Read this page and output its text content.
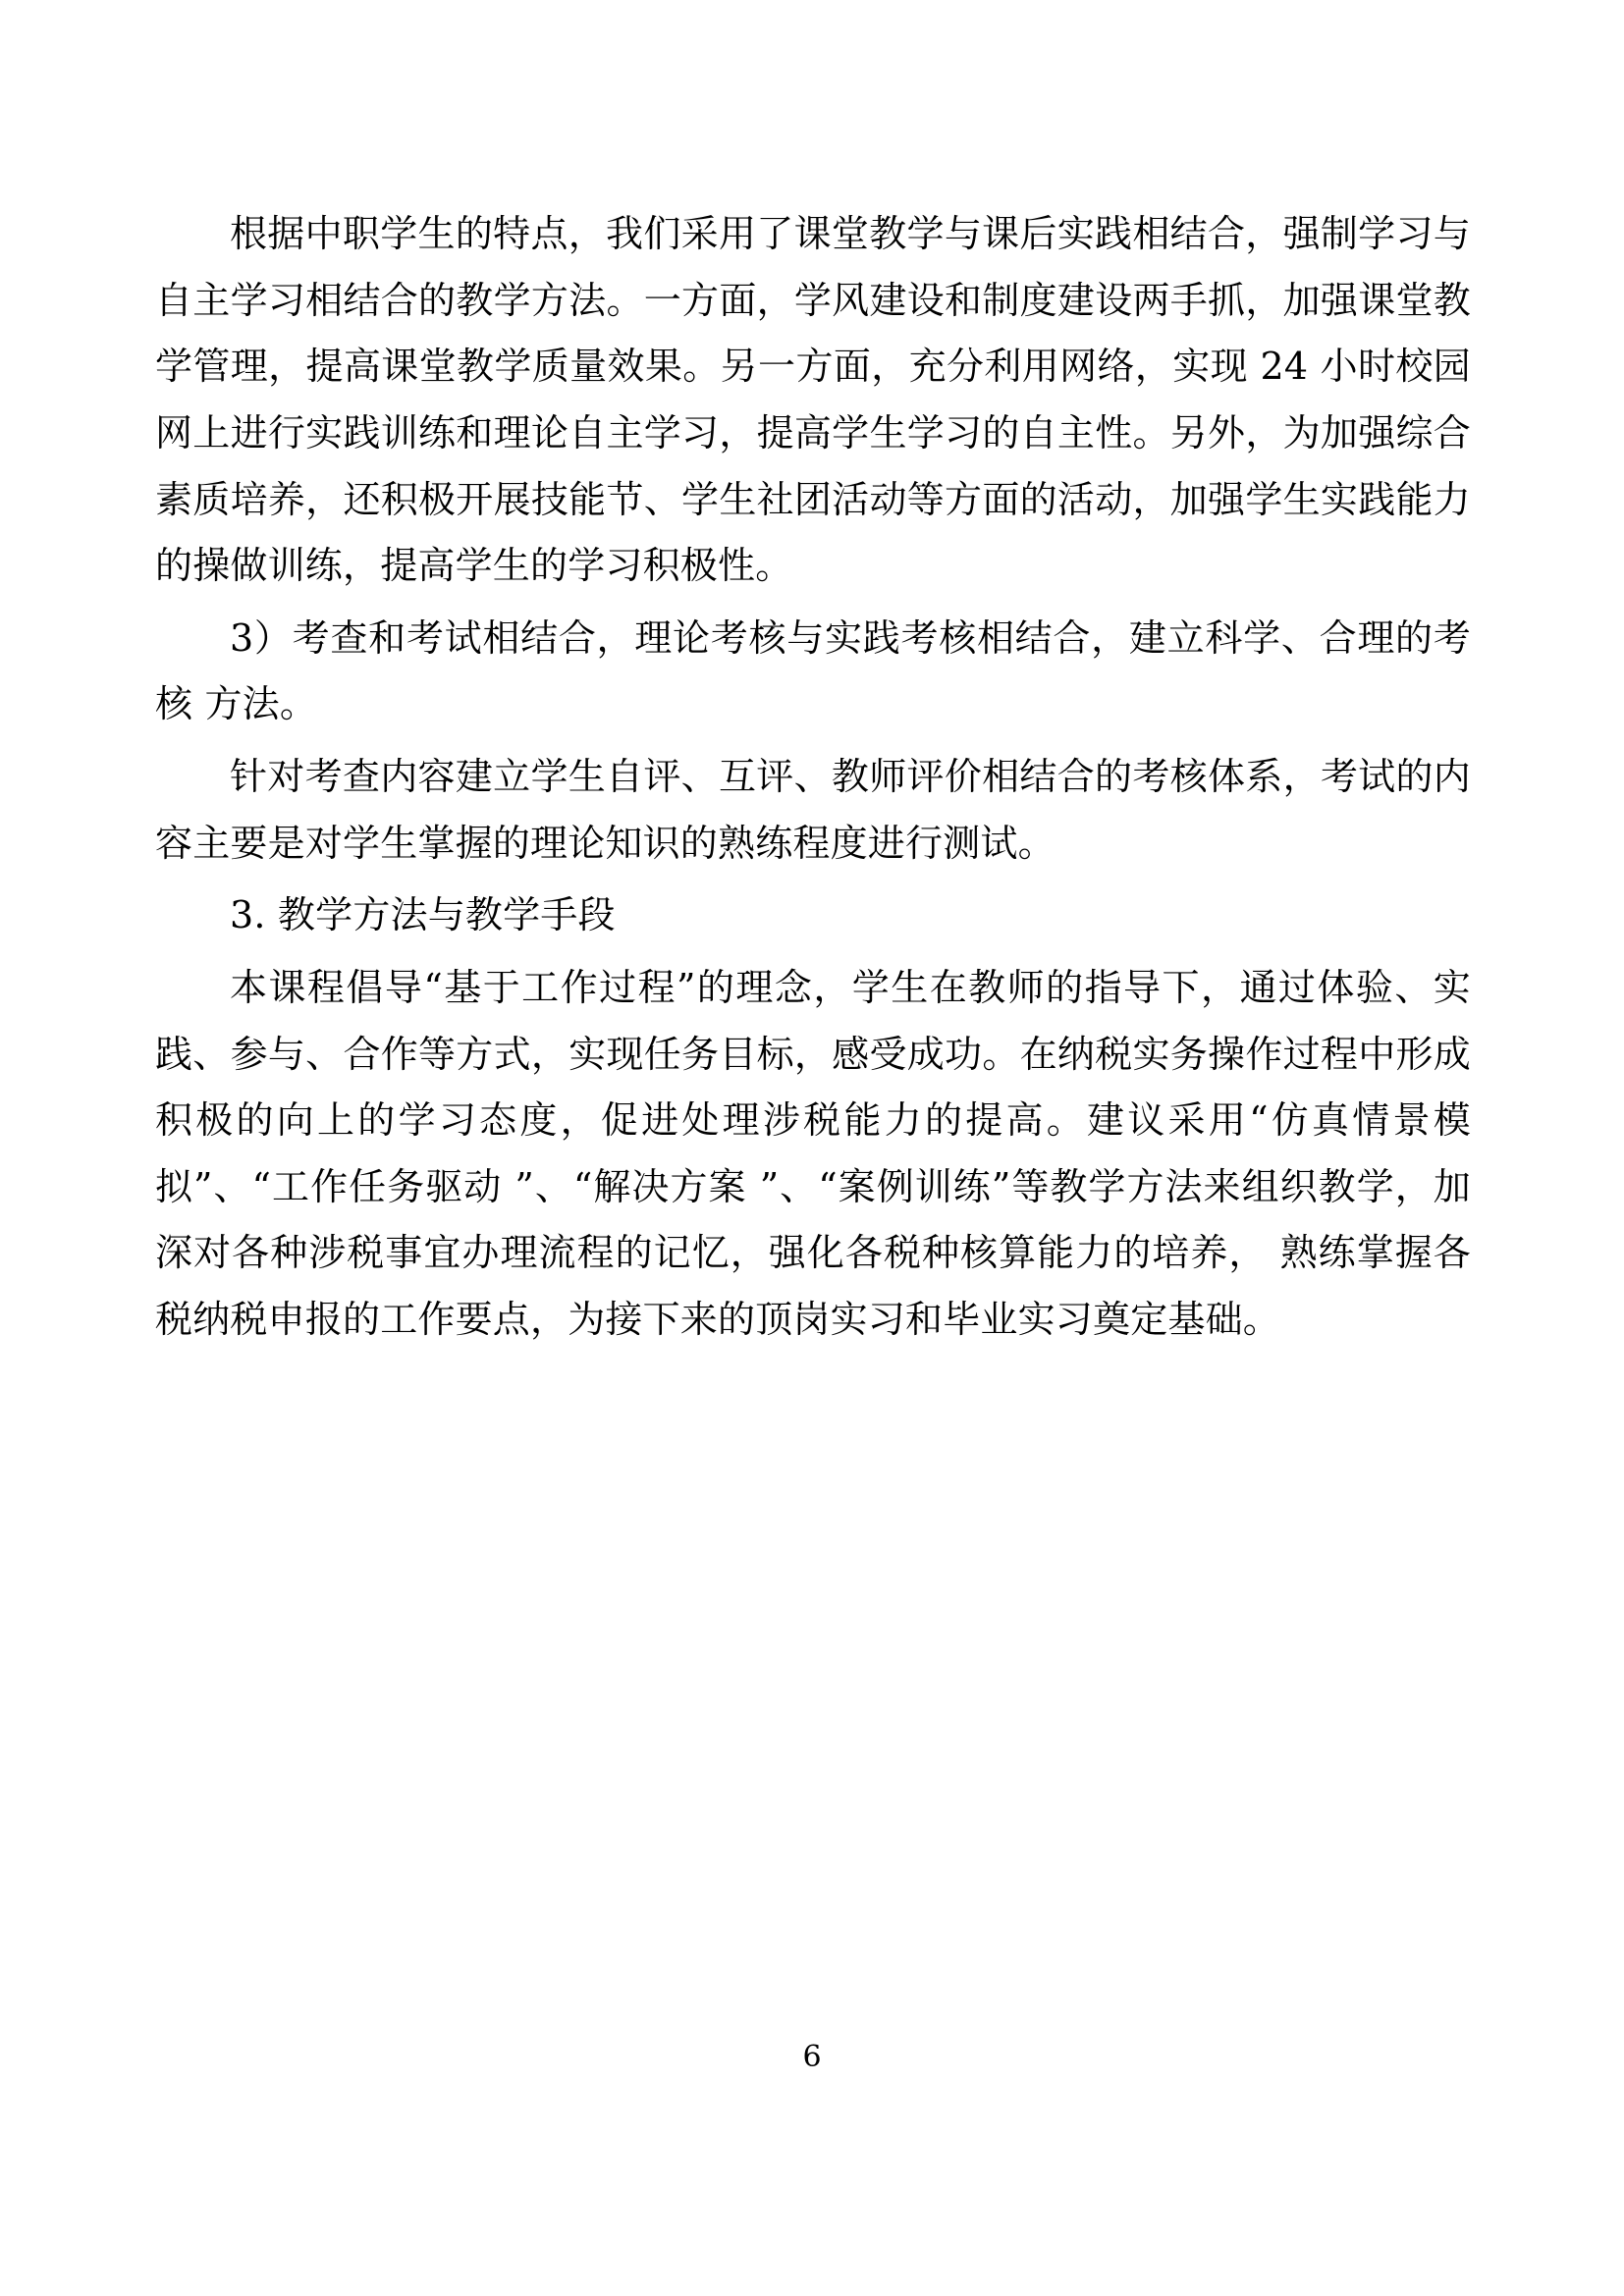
根据中职学生的特点，我们采用了课堂教学与课后实践相结合，强制学习与自主学习相结合的教学方法。一方面，学风建设和制度建设两手抓，加强课堂教学管理，提高课堂教学质量效果。另一方面，充分利用网络，实现 24 小时校园网上进行实践训练和理论自主学习，提高学生学习的自主性。另外，为加强综合素质培养，还积极开展技能节、学生社团活动等方面的活动，加强学生实践能力的操做训练，提高学生的学习积极性。

3）考查和考试相结合，理论考核与实践考核相结合，建立科学、合理的考核 方法。

针对考查内容建立学生自评、互评、教师评价相结合的考核体系，考试的内容主要是对学生掌握的理论知识的熟练程度进行测试。

3. 教学方法与教学手段

本课程倡导“基于工作过程”的理念，学生在教师的指导下，通过体验、实践、参与、合作等方式，实现任务目标，感受成功。在纳税实务操作过程中形成积极的向上的学习态度，促进处理涉税能力的提高。建议采用“仿真情景模拟”、“工作任务驱动 ”、“解决方案 ”、“案例训练”等教学方法来组织教学，加深对各种涉税事宜办理流程的记忆，强化各税种核算能力的培养， 熟练掌握各税纳税申报的工作要点，为接下来的顶岗实习和毕业实习奠定基础。

6
